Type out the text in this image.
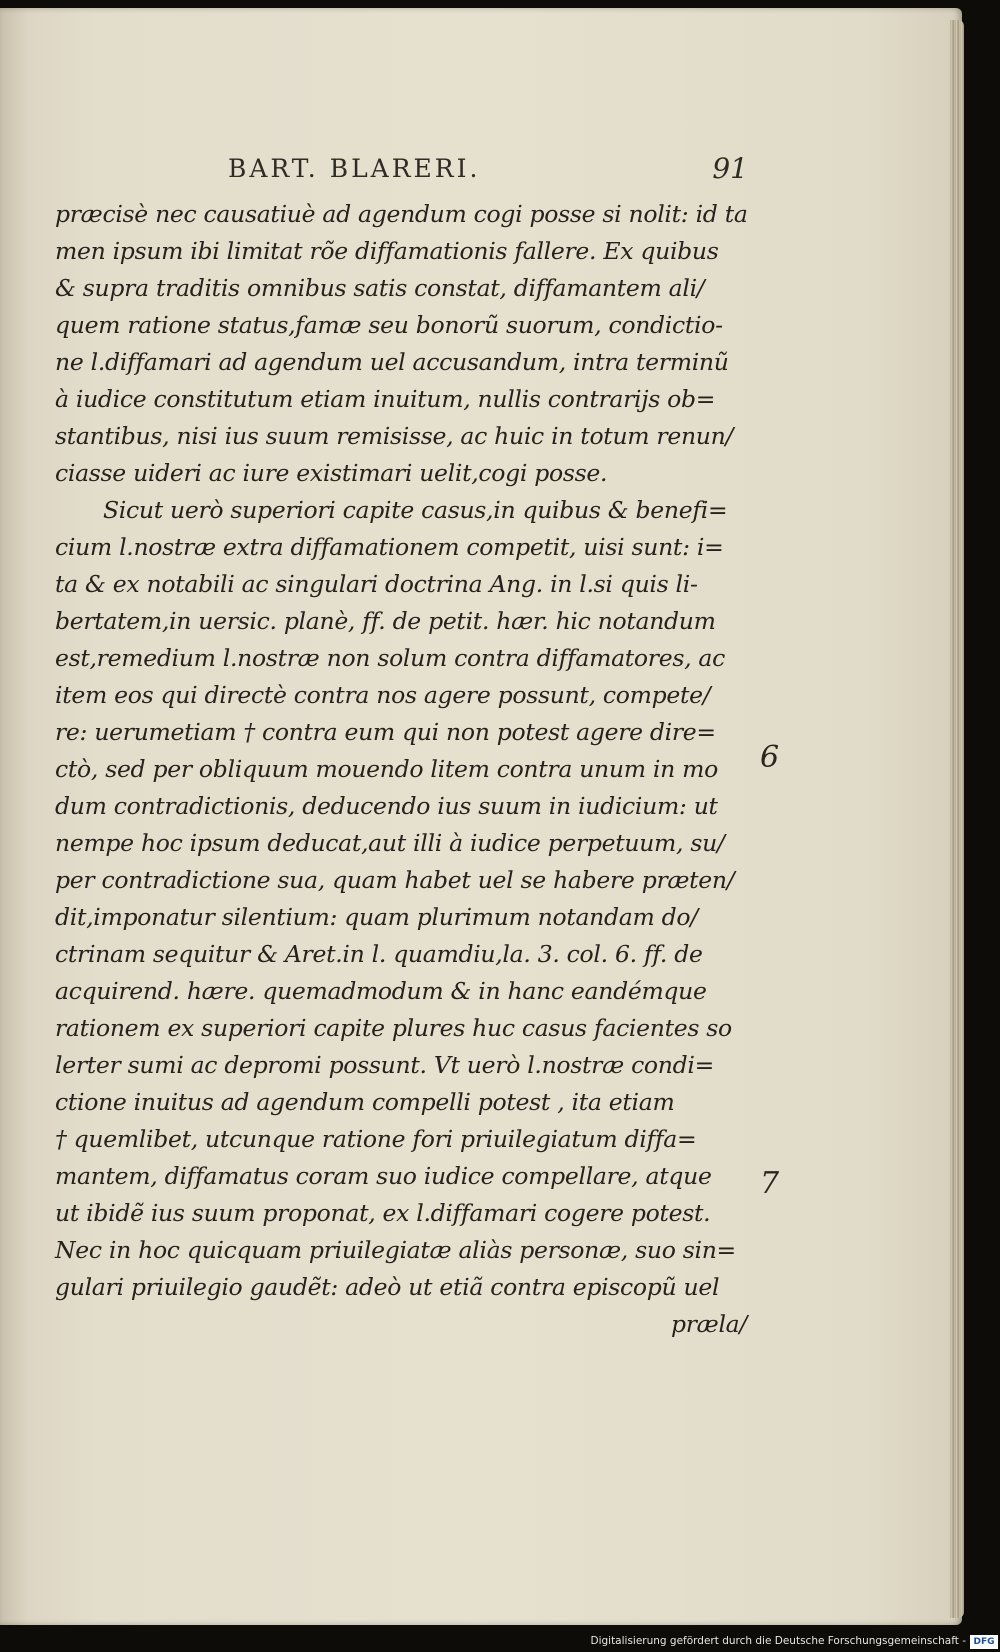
BART. BLARERI.	91
præcisè nec causatiuè ad agendum cogi posse si nolit: id ta
men ipsum ibi limitat rõe diffamationis fallere. Ex quibus
& supra traditis omnibus satis constat, diffamantem ali/
quem ratione status,famæ seu bonorũ suorum, condictio-
ne l.diffamari ad agendum uel accusandum, intra terminũ
à iudice constitutum etiam inuitum, nullis contrarijs ob=
stantibus, nisi ius suum remisisse, ac huic in totum renun/
ciasse uideri ac iure existimari uelit,cogi posse.
Sicut uerò superiori capite casus,in quibus & benefi=
cium l.nostræ extra diffamationem competit, uisi sunt: i=
ta & ex notabili ac singulari doctrina Ang. in l.si quis li-
bertatem,in uersic. planè, ff. de petit. hær. hic notandum
est,remedium l.nostræ non solum contra diffamatores, ac
item eos qui directè contra nos agere possunt, compete/
re: uerumetiam † contra eum qui non potest agere dire=
ctò, sed per obliquum mouendo litem contra unum in mo
dum contradictionis, deducendo ius suum in iudicium: ut
nempe hoc ipsum deducat,aut illi à iudice perpetuum, su/
per contradictione sua, quam habet uel se habere præten/
dit,imponatur silentium: quam plurimum notandam do/
ctrinam sequitur & Aret.in l. quamdiu,la. 3. col. 6. ff. de
acquirend. hære. quemadmodum & in hanc eandémque
rationem ex superiori capite plures huc casus facientes so
lerter sumi ac depromi possunt. Vt uerò l.nostræ condi=
ctione inuitus ad agendum compelli potest , ita etiam
† quemlibet, utcunque ratione fori priuilegiatum diffa=
mantem, diffamatus coram suo iudice compellare, atque
ut ibidẽ ius suum proponat, ex l.diffamari cogere potest.
Nec in hoc quicquam priuilegiatæ aliàs personæ, suo sin=
gulari priuilegio gaudẽt: adeò ut etiã contra episcopũ uel
præla/
6
7
Digitalisierung gefördert durch die Deutsche Forschungsgemeinschaft - DFG
